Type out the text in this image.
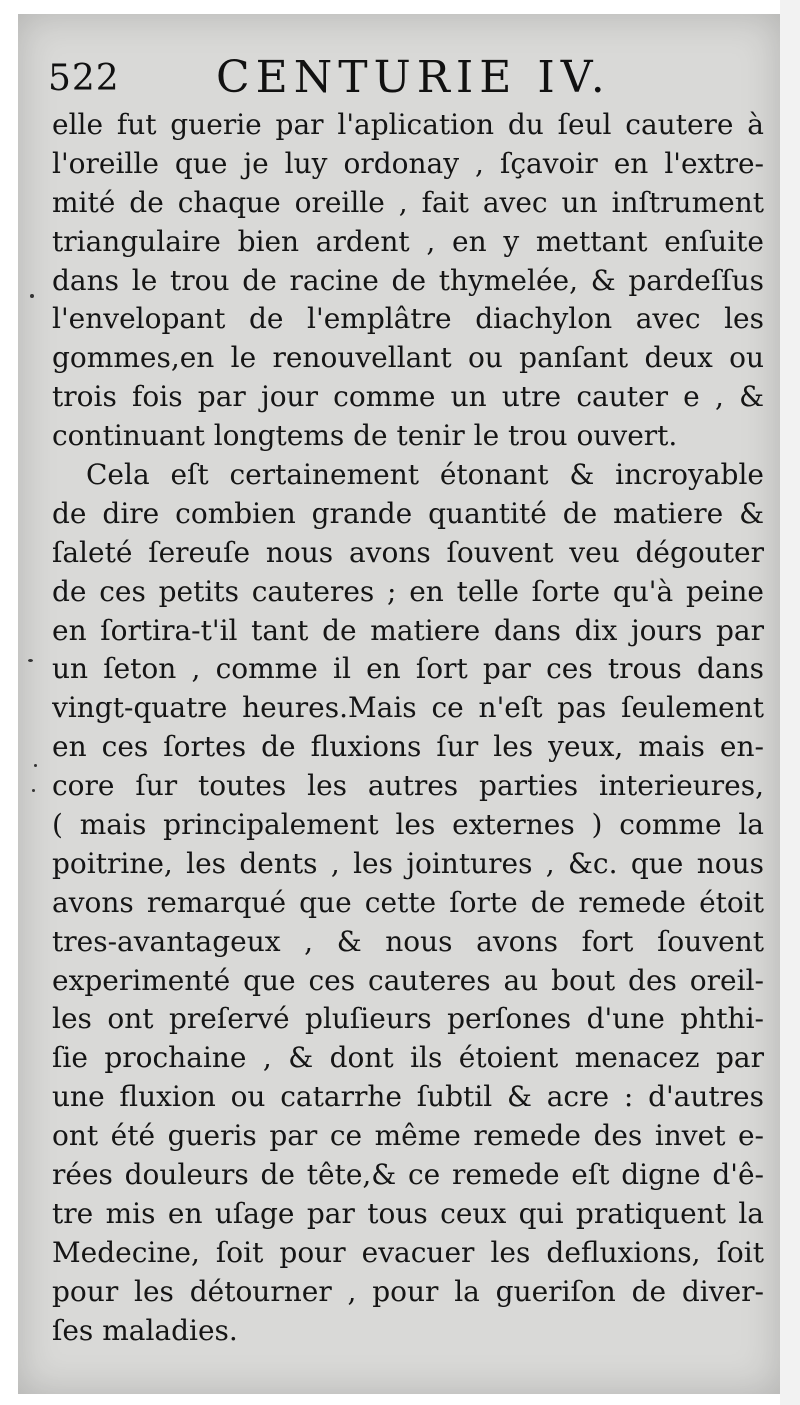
522 CENTURIE IV.
elle fut guerie par l'aplication du ſeul cautere à
l'oreille que je luy ordonay , ſçavoir en l'extre-
mité de chaque oreille , fait avec un inſtrument
triangulaire bien ardent , en y mettant enſuite
dans le trou de racine de thymelée, & pardeſſus
l'envelopant de l'emplâtre diachylon avec les
gommes,en le renouvellant ou panſant deux ou
trois fois par jour comme un utre cauter e , &
continuant longtems de tenir le trou ouvert.
Cela eſt certainement étonant & incroyable
de dire combien grande quantité de matiere &
ſaleté ſereuſe nous avons ſouvent veu dégouter
de ces petits cauteres ; en telle ſorte qu'à peine
en ſortira-t'il tant de matiere dans dix jours par
un ſeton , comme il en ſort par ces trous dans
vingt-quatre heures.Mais ce n'eſt pas ſeulement
en ces ſortes de fluxions ſur les yeux, mais en-
core ſur toutes les autres parties interieures,
( mais principalement les externes ) comme la
poitrine, les dents , les jointures , &c. que nous
avons remarqué que cette ſorte de remede étoit
tres-avantageux , & nous avons fort ſouvent
experimenté que ces cauteres au bout des oreil-
les ont preſervé pluſieurs perſones d'une phthi-
ſie prochaine , & dont ils étoient menacez par
une fluxion ou catarrhe ſubtil & acre : d'autres
ont été gueris par ce même remede des invet e-
rées douleurs de tête,& ce remede eſt digne d'ê-
tre mis en uſage par tous ceux qui pratiquent la
Medecine, ſoit pour evacuer les defluxions, ſoit
pour les détourner , pour la gueriſon de diver-
ſes maladies.
